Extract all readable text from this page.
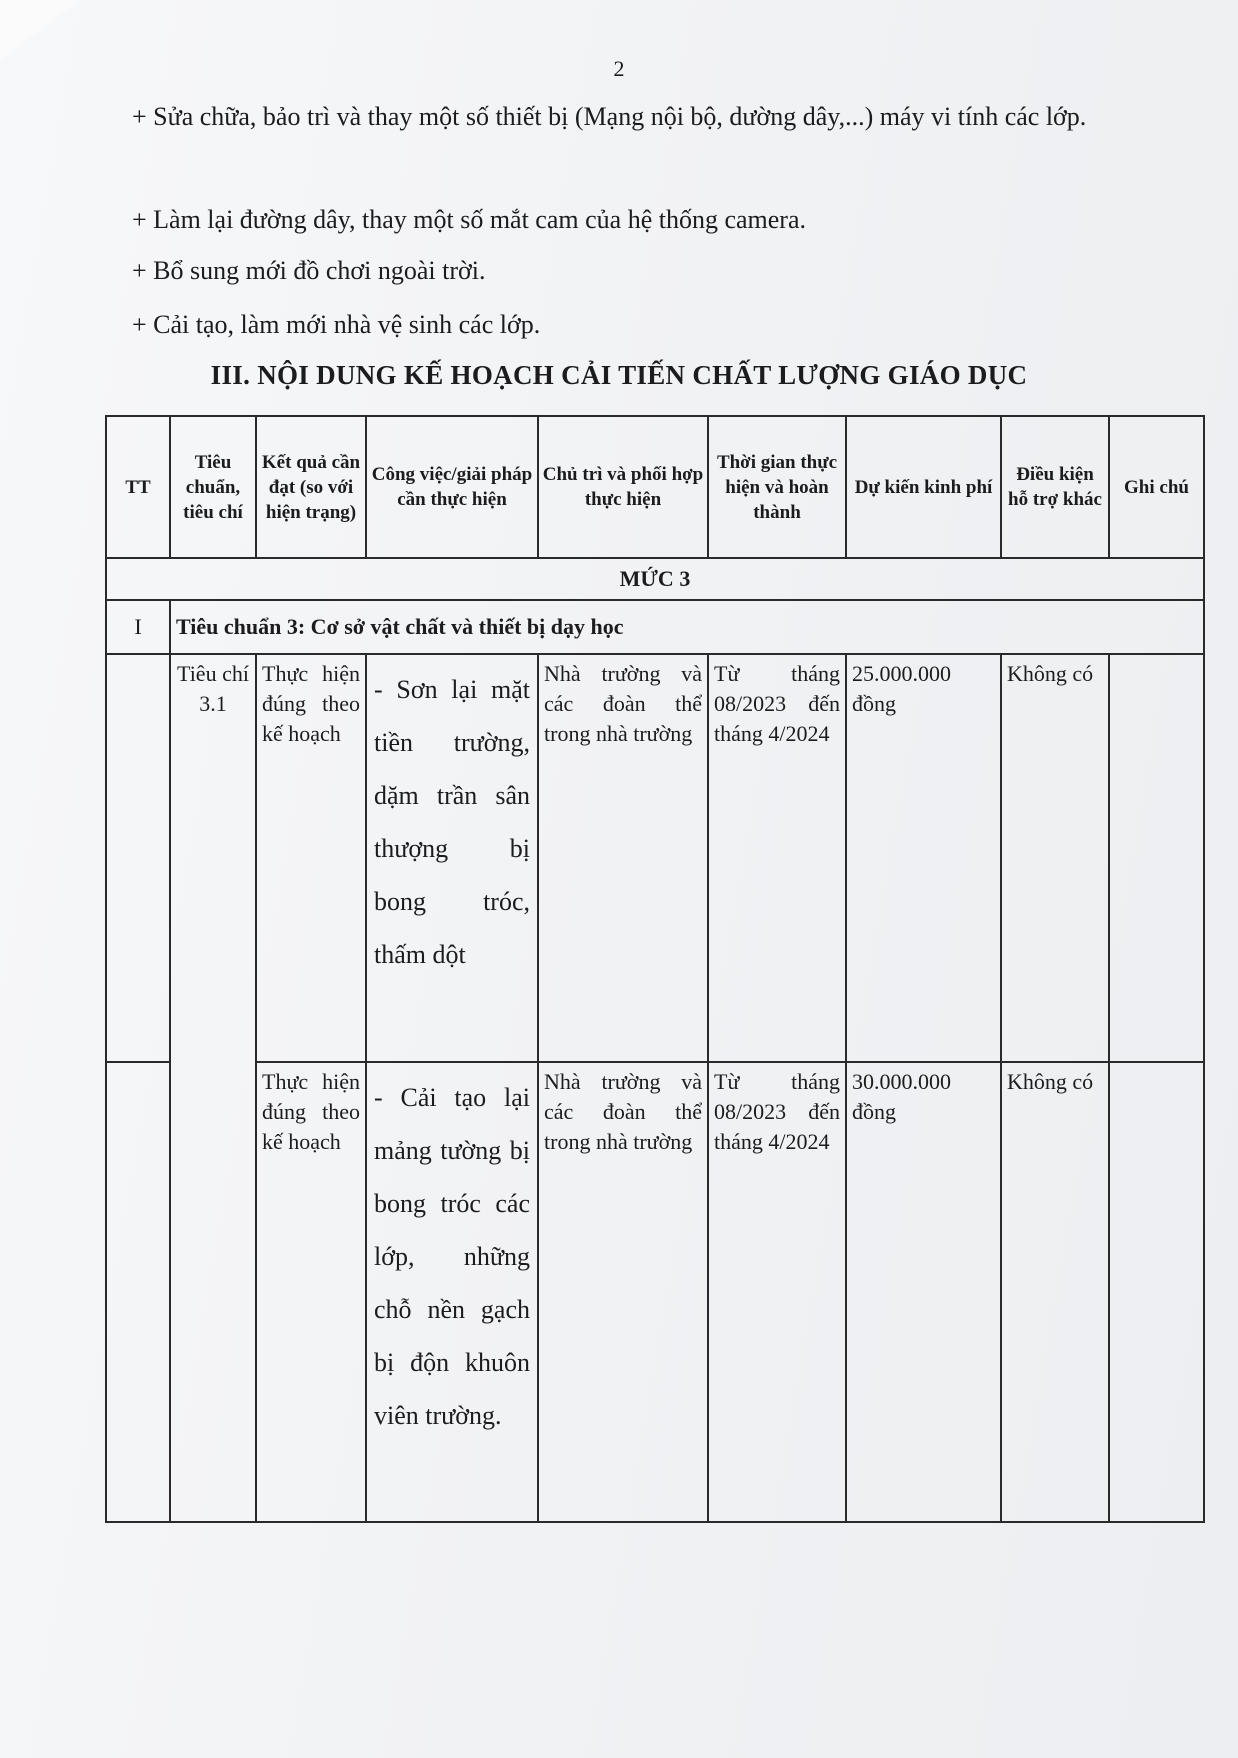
2
+ Sửa chữa, bảo trì và thay một số thiết bị (Mạng nội bộ, dường dây,...) máy vi tính các lớp.
+ Làm lại đường dây, thay một số mắt cam của hệ thống camera.
+ Bổ sung mới đồ chơi ngoài trời.
+ Cải tạo, làm mới nhà vệ sinh các lớp.
III. NỘI DUNG KẾ HOẠCH CẢI TIẾN CHẤT LƯỢNG GIÁO DỤC
TT	Tiêu chuẩn, tiêu chí	Kết quả cần đạt (so với hiện trạng)	Công việc/giải pháp cần thực hiện	Chủ trì và phối hợp thực hiện	Thời gian thực hiện và hoàn thành	Dự kiến kinh phí	Điều kiện hỗ trợ khác	Ghi chú
MỨC 3								
I	Tiêu chuẩn 3: Cơ sở vật chất và thiết bị dạy học							
	Tiêu chí 3.1	Thực hiện đúng theo kế hoạch	- Sơn lại mặt tiền trường, dặm trần sân thượng bị bong tróc, thấm dột	Nhà trường và các đoàn thể trong nhà trường	Từ tháng 08/2023 đến tháng 4/2024	25.000.000 đồng	Không có	
		Thực hiện đúng theo kế hoạch	- Cải tạo lại mảng tường bị bong tróc các lớp, những chỗ nền gạch bị độn khuôn viên trường.	Nhà trường và các đoàn thể trong nhà trường	Từ tháng 08/2023 đến tháng 4/2024	30.000.000 đồng	Không có	
